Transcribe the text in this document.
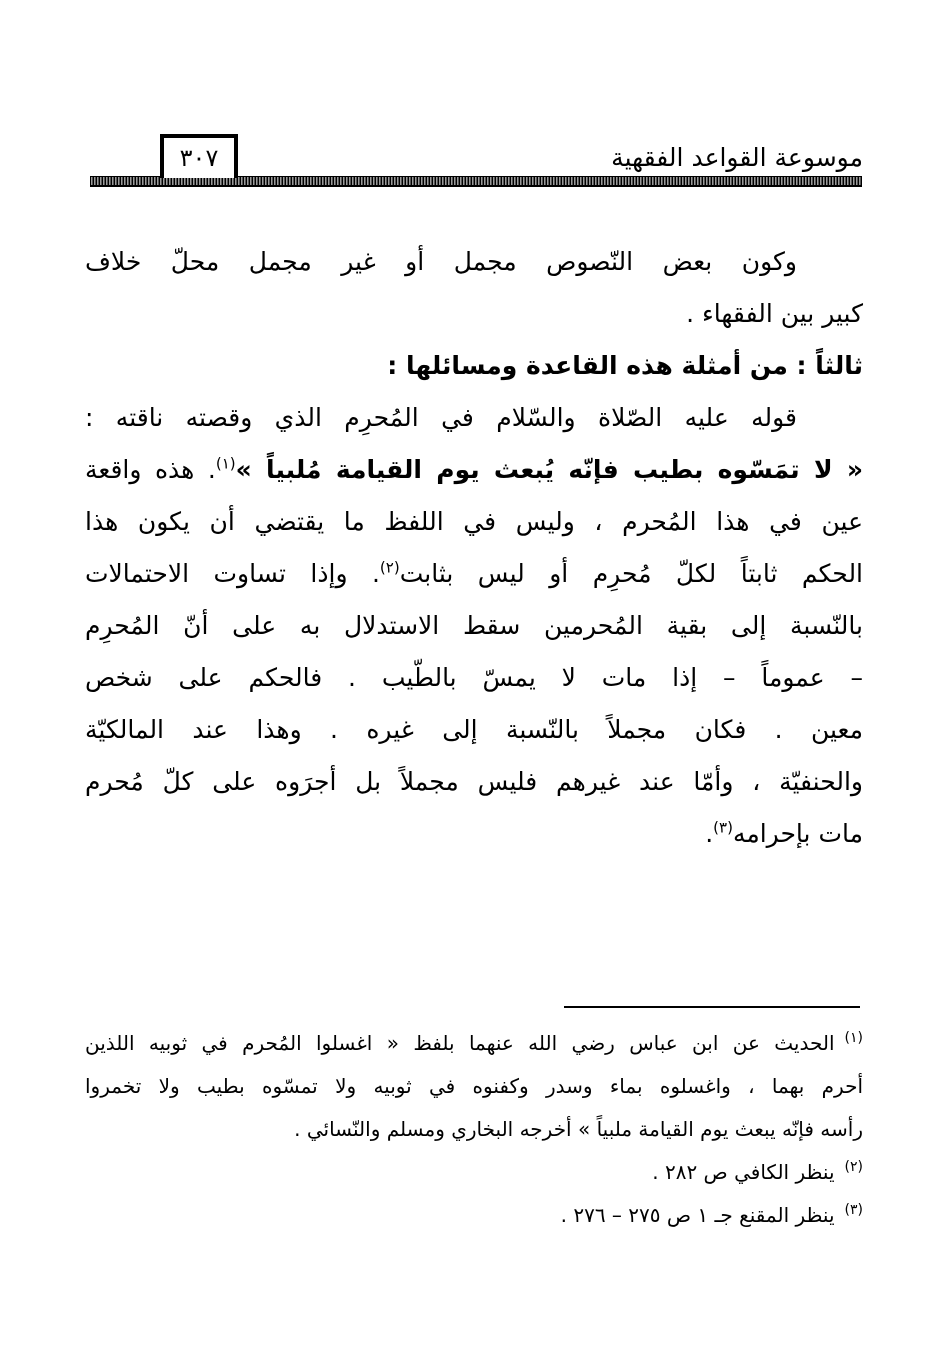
موسوعة القواعد الفقهية
٣٠٧
وكون بعض النّصوص مجمل أو غير مجمل محلّ خلاف
كبير بين الفقهاء .
ثالثاً : من أمثلة هذه القاعدة ومسائلها :
قوله عليه الصّلاة والسّلام في المُحرِم الذي وقصته ناقته :
« لا تمَسّوه بطيب فإنّه يُبعث يوم القيامة مُلبياً »$^{(١)}$. هذه واقعة
عين في هذا المُحرم ، وليس في اللفظ ما يقتضي أن يكون هذا
الحكم ثابتاً لكلّ مُحرِم أو ليس بثابت$^{(٢)}$. وإذا تساوت الاحتمالات
بالنّسبة إلى بقية المُحرمين سقط الاستدلال به على أنّ المُحرِم
– عموماً – إذا مات لا يمسّ بالطّيب . فالحكم على شخص
معين . فكان مجملاً بالنّسبة إلى غيره . وهذا عند المالكيّة
والحنفيّة ، وأمّا عند غيرهم فليس مجملاً بل أجرَوه على كلّ مُحرم
مات بإحرامه$^{(٣)}$.
(١)الحديث عن ابن عباس رضي الله عنهما بلفظ « اغسلوا المُحرم في ثوبيه اللذين
أحرم بهما ، واغسلوه بماء وسدر وكفنوه في ثوبيه ولا تمسّوه بطيب ولا تخمروا
رأسه فإنّه يبعث يوم القيامة ملبياً » أخرجه البخاري ومسلم والنّسائي .
(٢)ينظر الكافي ص ٢٨٢ .
(٣)ينظر المقنع جـ ١ ص ٢٧٥ – ٢٧٦ .
